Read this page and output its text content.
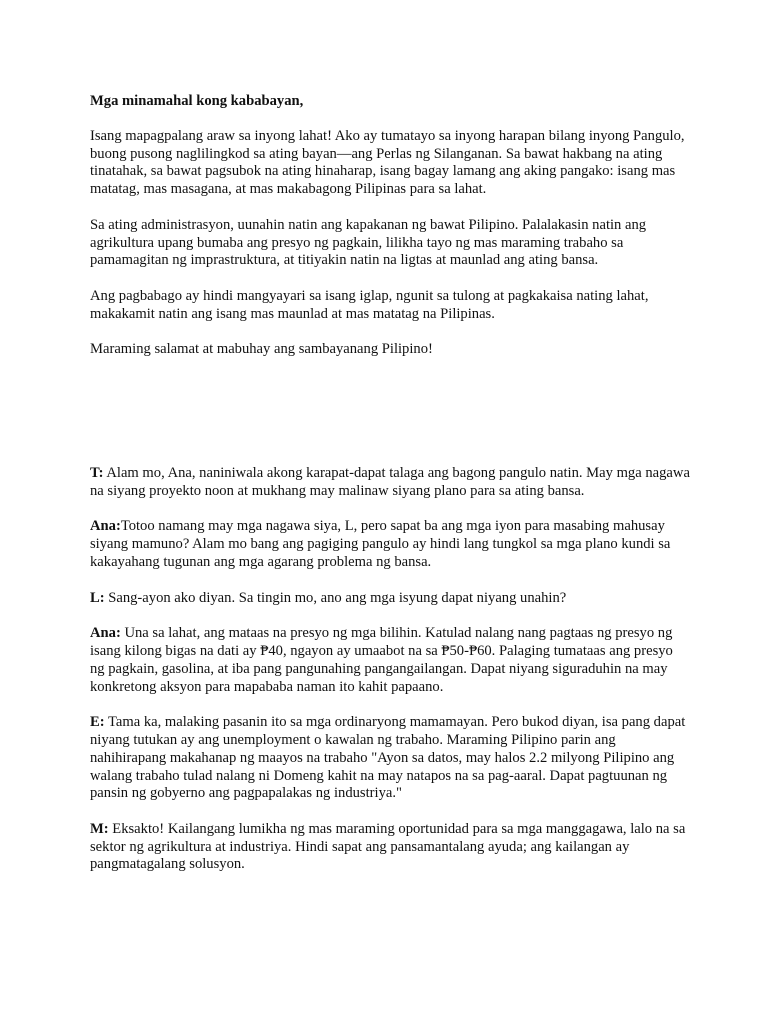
Mga minamahal kong kababayan,

Isang mapagpalang araw sa inyong lahat! Ako ay tumatayo sa inyong harapan bilang inyong Pangulo, buong pusong naglilingkod sa ating bayan—ang Perlas ng Silanganan. Sa bawat hakbang na ating tinatahak, sa bawat pagsubok na ating hinaharap, isang bagay lamang ang aking pangako: isang mas matatag, mas masagana, at mas makabagong Pilipinas para sa lahat.

Sa ating administrasyon, uunahin natin ang kapakanan ng bawat Pilipino. Palalakasin natin ang agrikultura upang bumaba ang presyo ng pagkain, lilikha tayo ng mas maraming trabaho sa pamamagitan ng imprastruktura, at titiyakin natin na ligtas at maunlad ang ating bansa.

Ang pagbabago ay hindi mangyayari sa isang iglap, ngunit sa tulong at pagkakaisa nating lahat, makakamit natin ang isang mas maunlad at mas matatag na Pilipinas.

Maraming salamat at mabuhay ang sambayanang Pilipino!

T: Alam mo, Ana, naniniwala akong karapat-dapat talaga ang bagong pangulo natin. May mga nagawa na siyang proyekto noon at mukhang may malinaw siyang plano para sa ating bansa.

Ana:Totoo namang may mga nagawa siya, L, pero sapat ba ang mga iyon para masabing mahusay siyang mamuno? Alam mo bang ang pagiging pangulo ay hindi lang tungkol sa mga plano kundi sa kakayahang tugunan ang mga agarang problema ng bansa.

L: Sang-ayon ako diyan. Sa tingin mo, ano ang mga isyung dapat niyang unahin?

Ana: Una sa lahat, ang mataas na presyo ng mga bilihin. Katulad nalang nang pagtaas ng presyo ng isang kilong bigas na dati ay ₱40, ngayon ay umaabot na sa ₱50-₱60. Palaging tumataas ang presyo ng pagkain, gasolina, at iba pang pangunahing pangangailangan. Dapat niyang siguraduhin na may konkretong aksyon para mapababa naman ito kahit papaano.

E: Tama ka, malaking pasanin ito sa mga ordinaryong mamamayan. Pero bukod diyan, isa pang dapat niyang tutukan ay ang unemployment o kawalan ng trabaho. Maraming Pilipino parin ang nahihirapang makahanap ng maayos na trabaho "Ayon sa datos, may halos 2.2 milyong Pilipino ang walang trabaho tulad nalang ni Domeng kahit na may natapos na sa pag-aaral. Dapat pagtuunan ng pansin ng gobyerno ang pagpapalakas ng industriya."

M: Eksakto! Kailangang lumikha ng mas maraming oportunidad para sa mga manggagawa, lalo na sa sektor ng agrikultura at industriya. Hindi sapat ang pansamantalang ayuda; ang kailangan ay pangmatagalang solusyon.
